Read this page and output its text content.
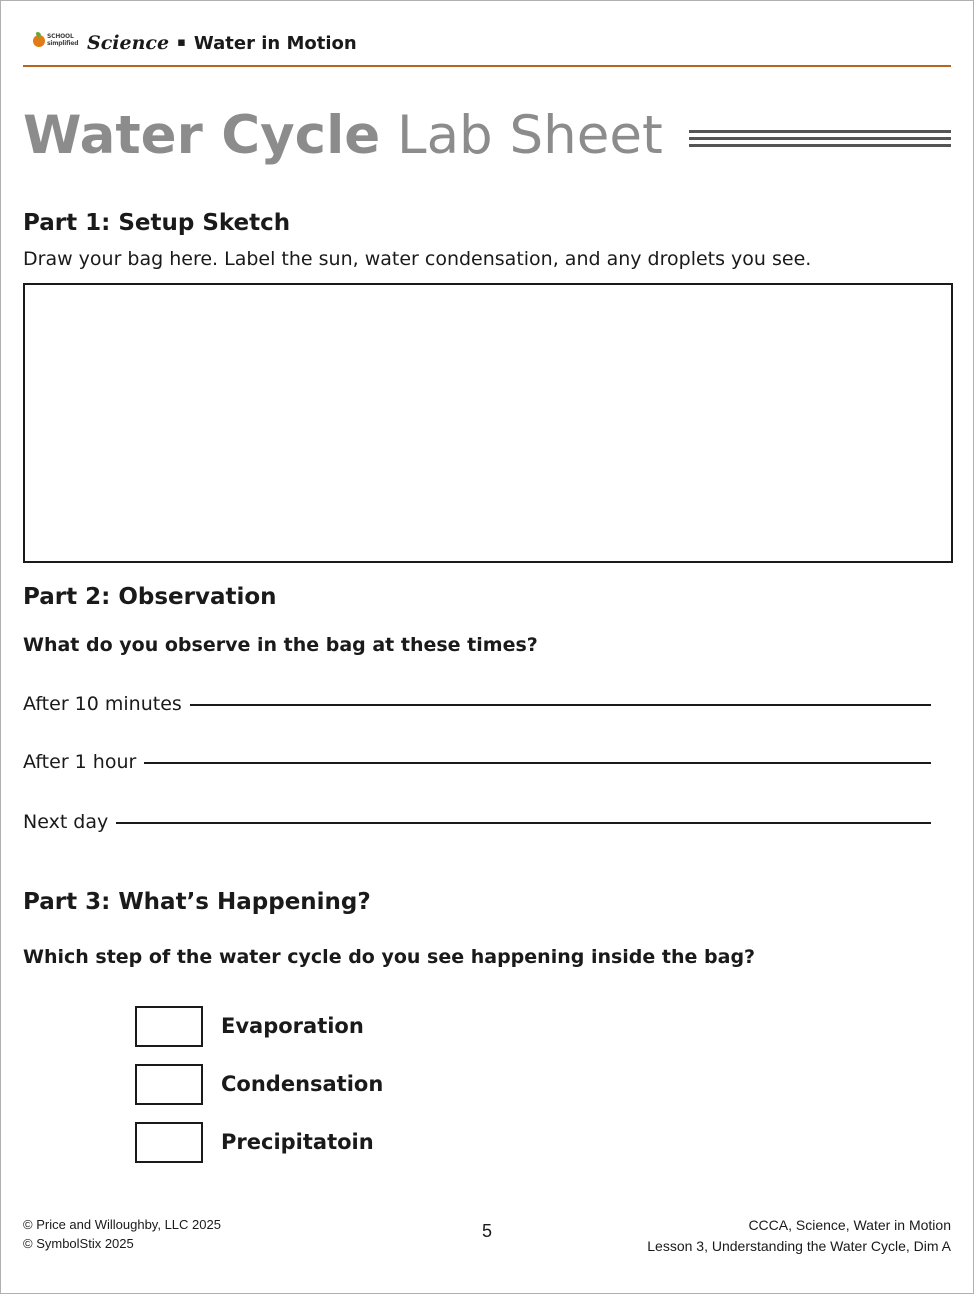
SCHOOL
simplified Science ▪ Water in Motion
Water Cycle Lab Sheet
Part 1: Setup Sketch
Draw your bag here. Label the sun, water condensation, and any droplets you see.
Part 2: Observation
What do you observe in the bag at these times?
After 10 minutes
After 1 hour
Next day
Part 3: What’s Happening?
Which step of the water cycle do you see happening inside the bag?
Evaporation
Condensation
Precipitatoin
© Price and Willoughby, LLC 2025
© SymbolStix 2025
5	CCCA, Science, Water in Motion
Lesson 3, Understanding the Water Cycle, Dim A
